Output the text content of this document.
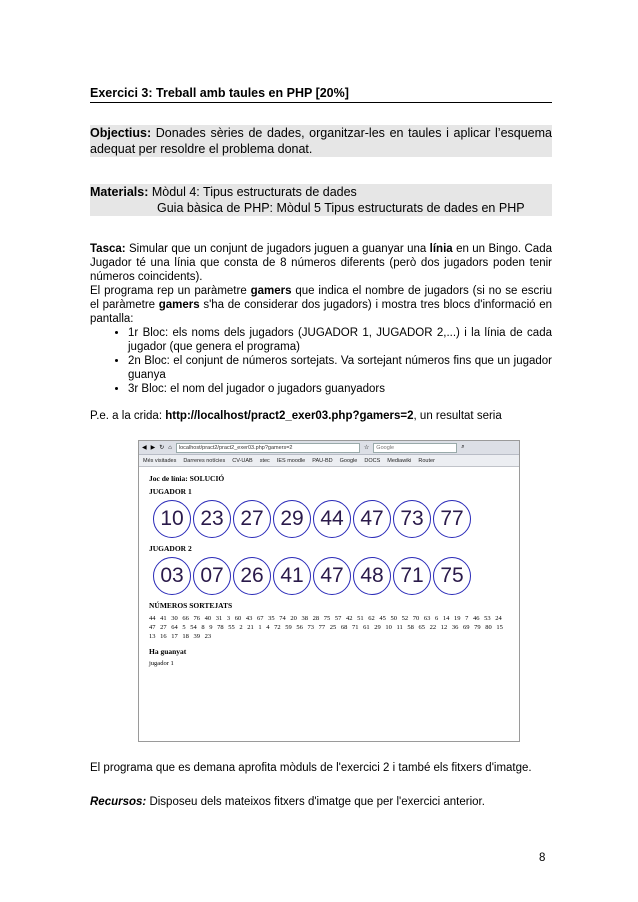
Exercici 3: Treball amb taules en PHP [20%]
Objectius: Donades sèries de dades, organitzar-les en taules i aplicar l’esquema adequat per resoldre el problema donat.
Materials: Mòdul 4: Tipus estructurats de dades
Guia bàsica de PHP: Mòdul 5 Tipus estructurats de dades en PHP
Tasca: Simular que un conjunt de jugadors juguen a guanyar una línia en un Bingo. Cada Jugador té una línia que consta de 8 números diferents (però dos jugadors poden tenir números coincidents).
El programa rep un paràmetre gamers que indica el nombre de jugadors (si no se escriu el paràmetre gamers s'ha de considerar dos jugadors) i mostra tres blocs d'informació en pantalla:
• 1r Bloc: els noms dels jugadors (JUGADOR 1, JUGADOR 2,...) i la línia de cada jugador (que genera el programa)
• 2n Bloc: el conjunt de números sortejats. Va sortejant números fins que un jugador guanya
• 3r Bloc: el nom del jugador o jugadors guanyadors
P.e. a la crida: http://localhost/pract2_exer03.php?gamers=2, un resultat seria
◀ ▶ ↻ ⌂	localhost/pract2/pract2_exer03.php?gamers=2	☆	Google	⌕
Més visitades Darreres notícies CV-UAB stec IES moodle PAU-BD Google DOCS Mediawiki Router
Joc de línia: SOLUCIÓ
JUGADOR 1
10 23 27 29 44 47 73 77
JUGADOR 2
03 07 26 41 47 48 71 75
NÚMEROS SORTEJATS
44 41 30 66 76 40 31 3 60 43 67 35 74 20 38 28 75 57 42 51 62 45 50 52 70 63 6 14 19 7 46 53 24 47 27 64 5 54 8 9 78 55 2 21 1 4 72 59 56 73 77 25 68 71 61 29 10 11 58 65 22 12 36 69 79 80 15 13 16 17 18 39 23
Ha guanyat
jugador 1
El programa que es demana aprofita mòduls de l'exercici 2 i també els fitxers d'imatge.
Recursos: Disposeu dels mateixos fitxers d'imatge que per l'exercici anterior.
8
